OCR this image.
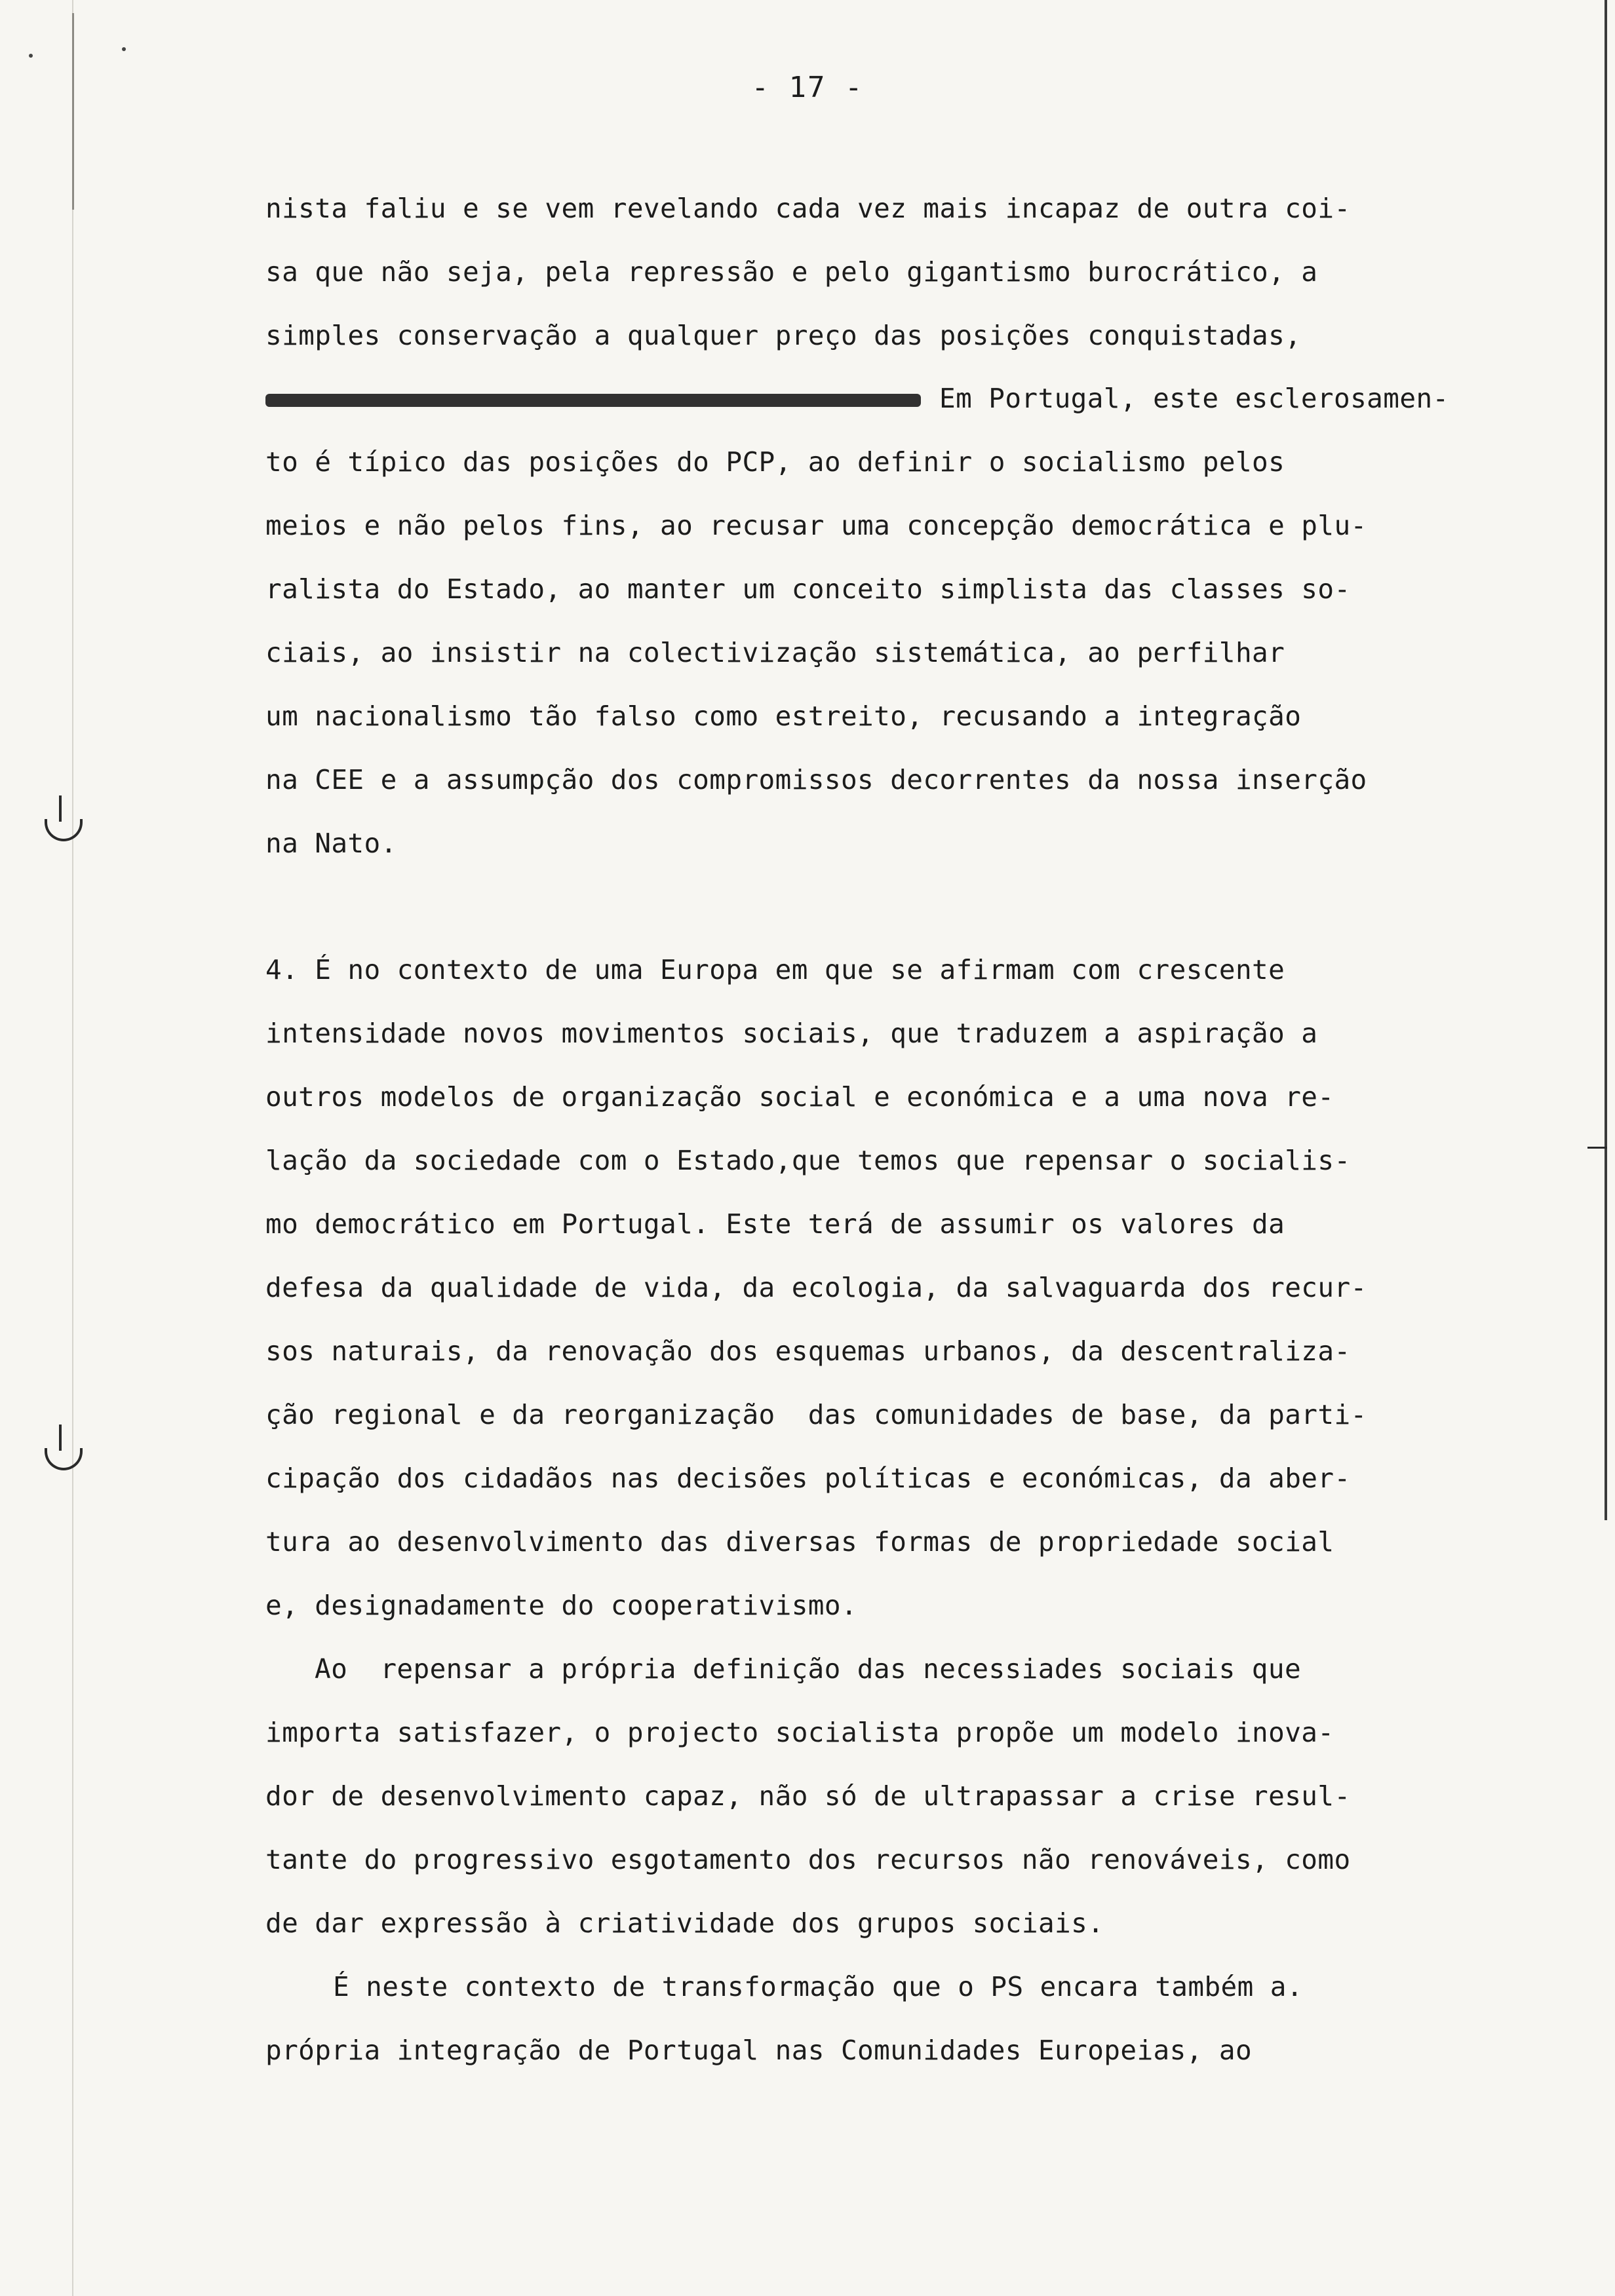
- 17 -
nista faliu e se vem revelando cada vez mais incapaz de outra coi-
sa que não seja, pela repressão e pelo gigantismo burocrático, a
simples conservação a qualquer preço das posições conquistadas,
Em Portugal, este esclerosamen-
to é típico das posições do PCP, ao definir o socialismo pelos
meios e não pelos fins, ao recusar uma concepção democrática e plu-
ralista do Estado, ao manter um conceito simplista das classes so-
ciais, ao insistir na colectivização sistemática, ao perfilhar
um nacionalismo tão falso como estreito, recusando a integração
na CEE e a assumpção dos compromissos decorrentes da nossa inserção
na Nato.
4. É no contexto de uma Europa em que se afirmam com crescente
intensidade novos movimentos sociais, que traduzem a aspiração a
outros modelos de organização social e económica e a uma nova re-
lação da sociedade com o Estado,que temos que repensar o socialis-
mo democrático em Portugal. Este terá de assumir os valores da
defesa da qualidade de vida, da ecologia, da salvaguarda dos recur-
sos naturais, da renovação dos esquemas urbanos, da descentraliza-
ção regional e da reorganização  das comunidades de base, da parti-
cipação dos cidadãos nas decisões políticas e económicas, da aber-
tura ao desenvolvimento das diversas formas de propriedade social
e, designadamente do cooperativismo.
Ao  repensar a própria definição das necessiades sociais que
importa satisfazer, o projecto socialista propõe um modelo inova-
dor de desenvolvimento capaz, não só de ultrapassar a crise resul-
tante do progressivo esgotamento dos recursos não renováveis, como
de dar expressão à criatividade dos grupos sociais.
É neste contexto de transformação que o PS encara também a.
própria integração de Portugal nas Comunidades Europeias, ao
